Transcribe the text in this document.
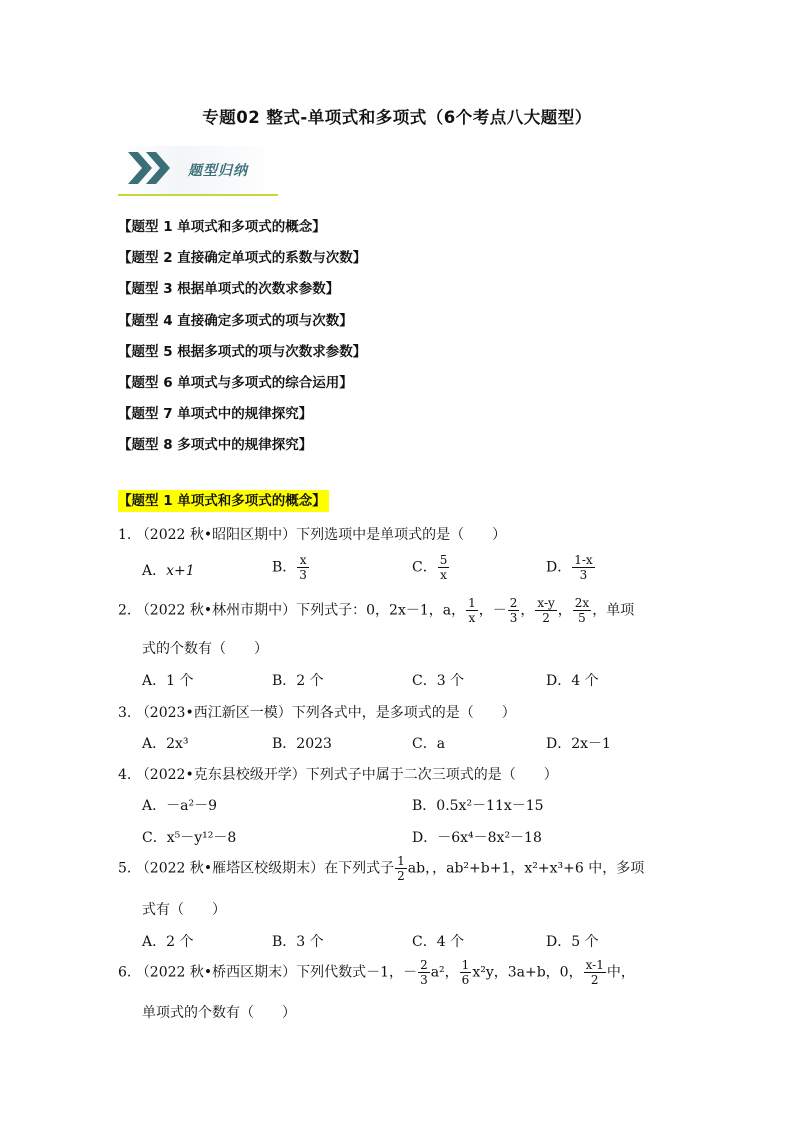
专题02 整式-单项式和多项式（6个考点八大题型）
题型归纳
【题型 1 单项式和多项式的概念】
【题型 2 直接确定单项式的系数与次数】
【题型 3 根据单项式的次数求参数】
【题型 4 直接确定多项式的项与次数】
【题型 5 根据多项式的项与次数求参数】
【题型 6 单项式与多项式的综合运用】
【题型 7 单项式中的规律探究】
【题型 8 多项式中的规律探究】
【题型 1 单项式和多项式的概念】
1. （2022 秋•昭阳区期中）下列选项中是单项式的是（　　）
A．x+1	B． $\frac{x}{3}$	C． $\frac{5}{x}$	D． $\frac{1-x}{3}$
2. （2022 秋•林州市期中）下列式子：0，2x－1，a， $\frac{1}{x}$ ，－ $\frac{2}{3}$ ， $\frac{x-y}{2}$ ， $\frac{2x}{5}$ ，单项
式的个数有（　　）
A．1 个	B．2 个	C．3 个	D．4 个
3. （2023•西江新区一模）下列各式中，是多项式的是（　　）
A．2x³	B．2023	C．a	D．2x－1
4. （2022•克东县校级开学）下列式子中属于二次三项式的是（　　）
A．－a²－9	B．0.5x²－11x－15
C．x⁵－y¹²－8	D．－6x⁴－8x²－18
5. （2022 秋•雁塔区校级期末）在下列式子 $\frac{1}{2}$ ab，，ab²+b+1，x²+x³+6 中，多项
式有（　　）
A．2 个	B．3 个	C．4 个	D．5 个
6. （2022 秋•桥西区期末）下列代数式－1，－ $\frac{2}{3} a^2$， $\frac{1}{6} x^2y$，3a+b，0， $\frac{x-1}{2}$ 中，
单项式的个数有（　　）
